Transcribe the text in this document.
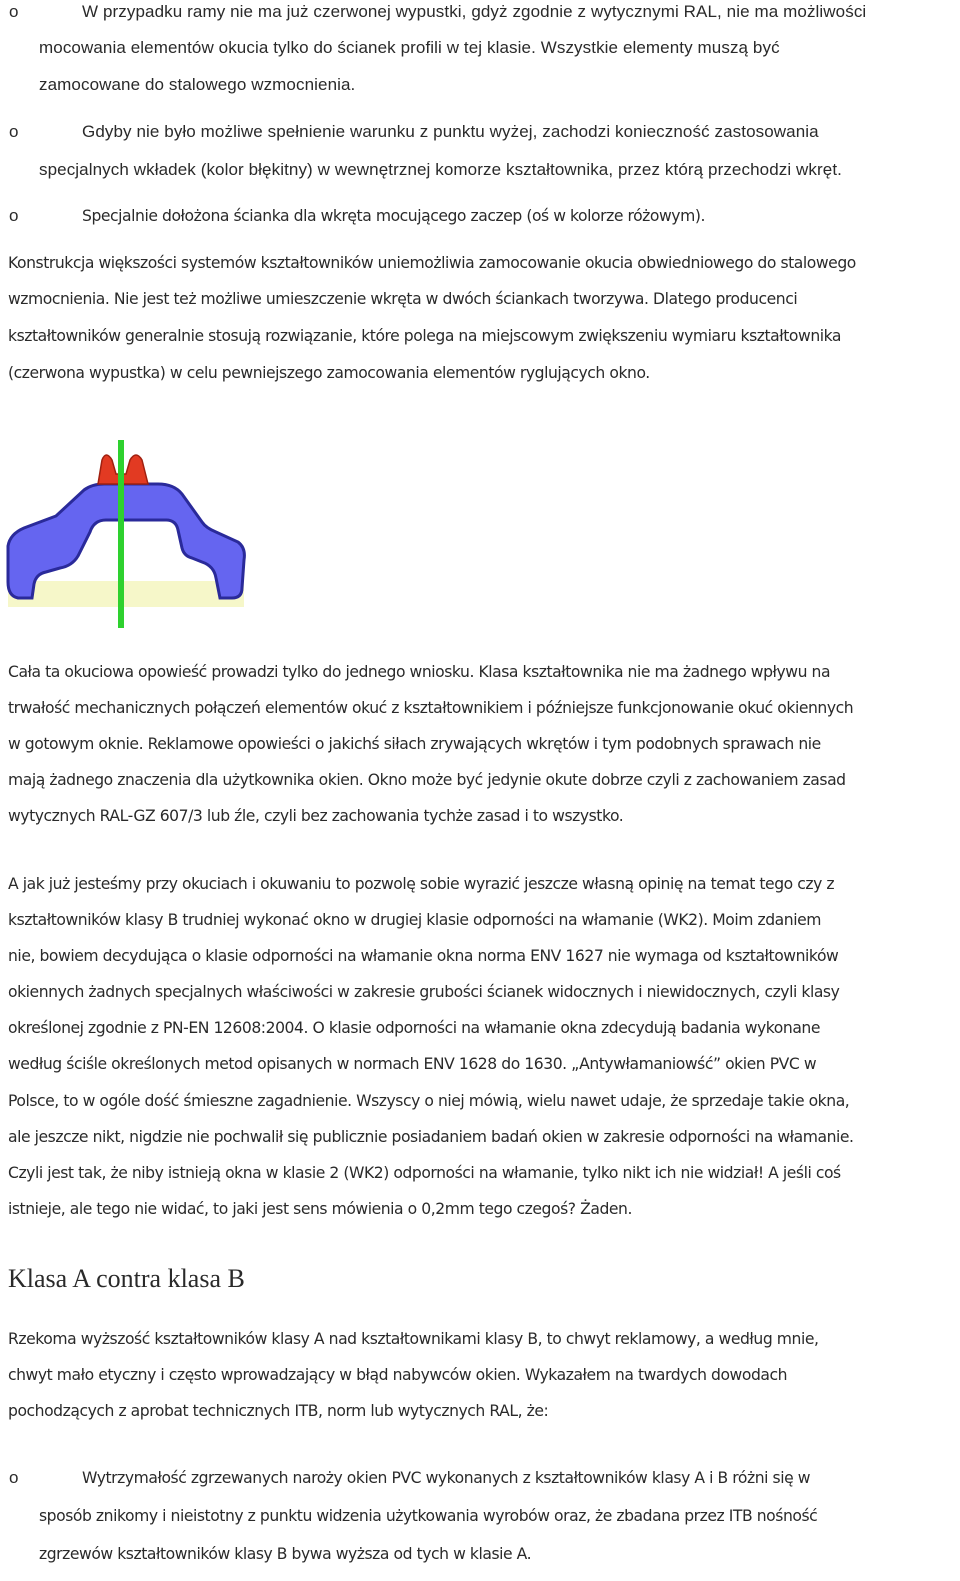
o	W przypadku ramy nie ma już czerwonej wypustki, gdyż zgodnie z wytycznymi RAL, nie ma możliwości
mocowania elementów okucia tylko do ścianek profili w tej klasie. Wszystkie elementy muszą być
zamocowane do stalowego wzmocnienia.
o	Gdyby nie było możliwe spełnienie warunku z punktu wyżej, zachodzi konieczność zastosowania
specjalnych wkładek (kolor błękitny) w wewnętrznej komorze kształtownika, przez którą przechodzi wkręt.
o	Specjalnie dołożona ścianka dla wkręta mocującego zaczep (oś w kolorze różowym).
Konstrukcja większości systemów kształtowników uniemożliwia zamocowanie okucia obwiedniowego do stalowego
wzmocnienia. Nie jest też możliwe umieszczenie wkręta w dwóch ściankach tworzywa. Dlatego producenci
kształtowników generalnie stosują rozwiązanie, które polega na miejscowym zwiększeniu wymiaru kształtownika
(czerwona wypustka) w celu pewniejszego zamocowania elementów ryglujących okno.
Cała ta okuciowa opowieść prowadzi tylko do jednego wniosku. Klasa kształtownika nie ma żadnego wpływu na
trwałość mechanicznych połączeń elementów okuć z kształtownikiem i późniejsze funkcjonowanie okuć okiennych
w gotowym oknie. Reklamowe opowieści o jakichś siłach zrywających wkrętów i tym podobnych sprawach nie
mają żadnego znaczenia dla użytkownika okien. Okno może być jedynie okute dobrze czyli z zachowaniem zasad
wytycznych RAL-GZ 607/3 lub źle, czyli bez zachowania tychże zasad i to wszystko.
A jak już jesteśmy przy okuciach i okuwaniu to pozwolę sobie wyrazić jeszcze własną opinię na temat tego czy z
kształtowników klasy B trudniej wykonać okno w drugiej klasie odporności na włamanie (WK2). Moim zdaniem
nie, bowiem decydująca o klasie odporności na włamanie okna norma ENV 1627 nie wymaga od kształtowników
okiennych żadnych specjalnych właściwości w zakresie grubości ścianek widocznych i niewidocznych, czyli klasy
określonej zgodnie z PN-EN 12608:2004. O klasie odporności na włamanie okna zdecydują badania wykonane
według ściśle określonych metod opisanych w normach ENV 1628 do 1630. „Antywłamaniowść” okien PVC w
Polsce, to w ogóle dość śmieszne zagadnienie. Wszyscy o niej mówią, wielu nawet udaje, że sprzedaje takie okna,
ale jeszcze nikt, nigdzie nie pochwalił się publicznie posiadaniem badań okien w zakresie odporności na włamanie.
Czyli jest tak, że niby istnieją okna w klasie 2 (WK2) odporności na włamanie, tylko nikt ich nie widział! A jeśli coś
istnieje, ale tego nie widać, to jaki jest sens mówienia o 0,2mm tego czegoś? Żaden.
Klasa A contra klasa B
Rzekoma wyższość kształtowników klasy A nad kształtownikami klasy B, to chwyt reklamowy, a według mnie,
chwyt mało etyczny i często wprowadzający w błąd nabywców okien. Wykazałem na twardych dowodach
pochodzących z aprobat technicznych ITB, norm lub wytycznych RAL, że:
o	Wytrzymałość zgrzewanych naroży okien PVC wykonanych z kształtowników klasy A i B różni się w
sposób znikomy i nieistotny z punktu widzenia użytkowania wyrobów oraz, że zbadana przez ITB nośność
zgrzewów kształtowników klasy B bywa wyższa od tych w klasie A.
